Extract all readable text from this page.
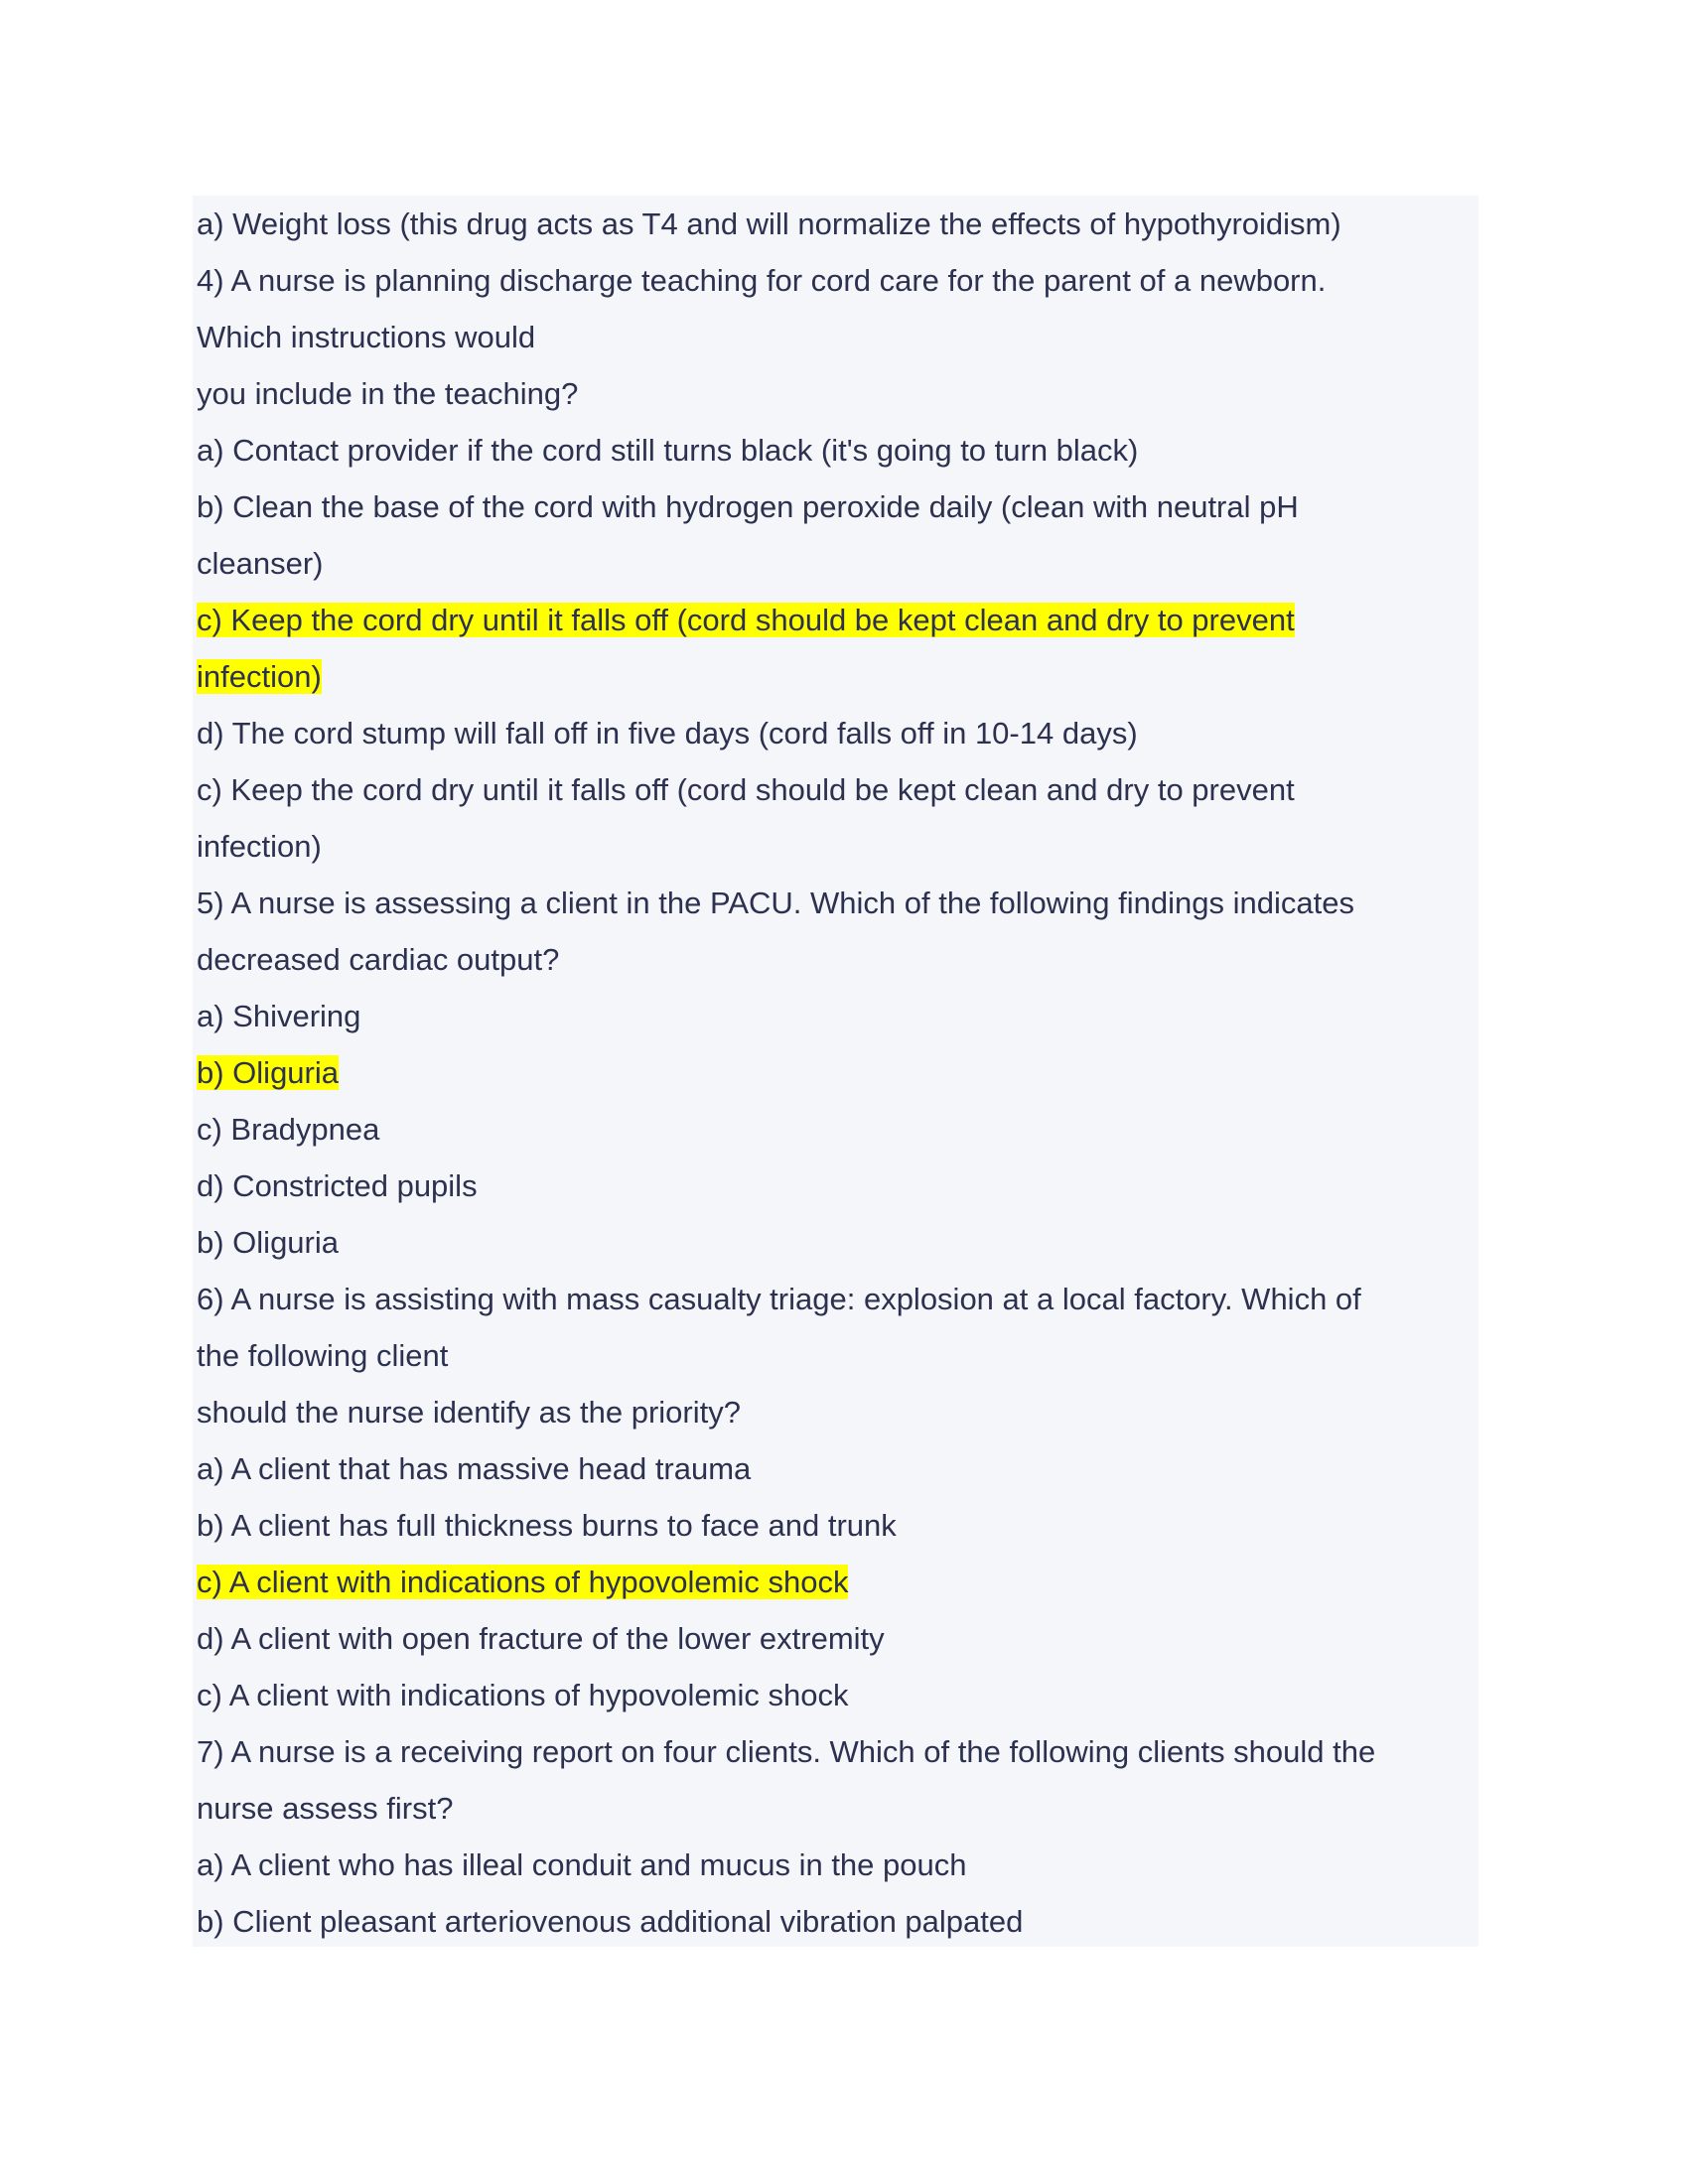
a) Weight loss (this drug acts as T4 and will normalize the effects of hypothyroidism)
4) A nurse is planning discharge teaching for cord care for the parent of a newborn.
Which instructions would
you include in the teaching?
a) Contact provider if the cord still turns black (it's going to turn black)
b) Clean the base of the cord with hydrogen peroxide daily (clean with neutral pH
cleanser)
c) Keep the cord dry until it falls off (cord should be kept clean and dry to prevent
infection)
d) The cord stump will fall off in five days (cord falls off in 10-14 days)
c) Keep the cord dry until it falls off (cord should be kept clean and dry to prevent
infection)
5) A nurse is assessing a client in the PACU. Which of the following findings indicates
decreased cardiac output?
a) Shivering
b) Oliguria
c) Bradypnea
d) Constricted pupils
b) Oliguria
6) A nurse is assisting with mass casualty triage: explosion at a local factory. Which of
the following client
should the nurse identify as the priority?
a) A client that has massive head trauma
b) A client has full thickness burns to face and trunk
c) A client with indications of hypovolemic shock
d) A client with open fracture of the lower extremity
c) A client with indications of hypovolemic shock
7) A nurse is a receiving report on four clients. Which of the following clients should the
nurse assess first?
a) A client who has illeal conduit and mucus in the pouch
b) Client pleasant arteriovenous additional vibration palpated
